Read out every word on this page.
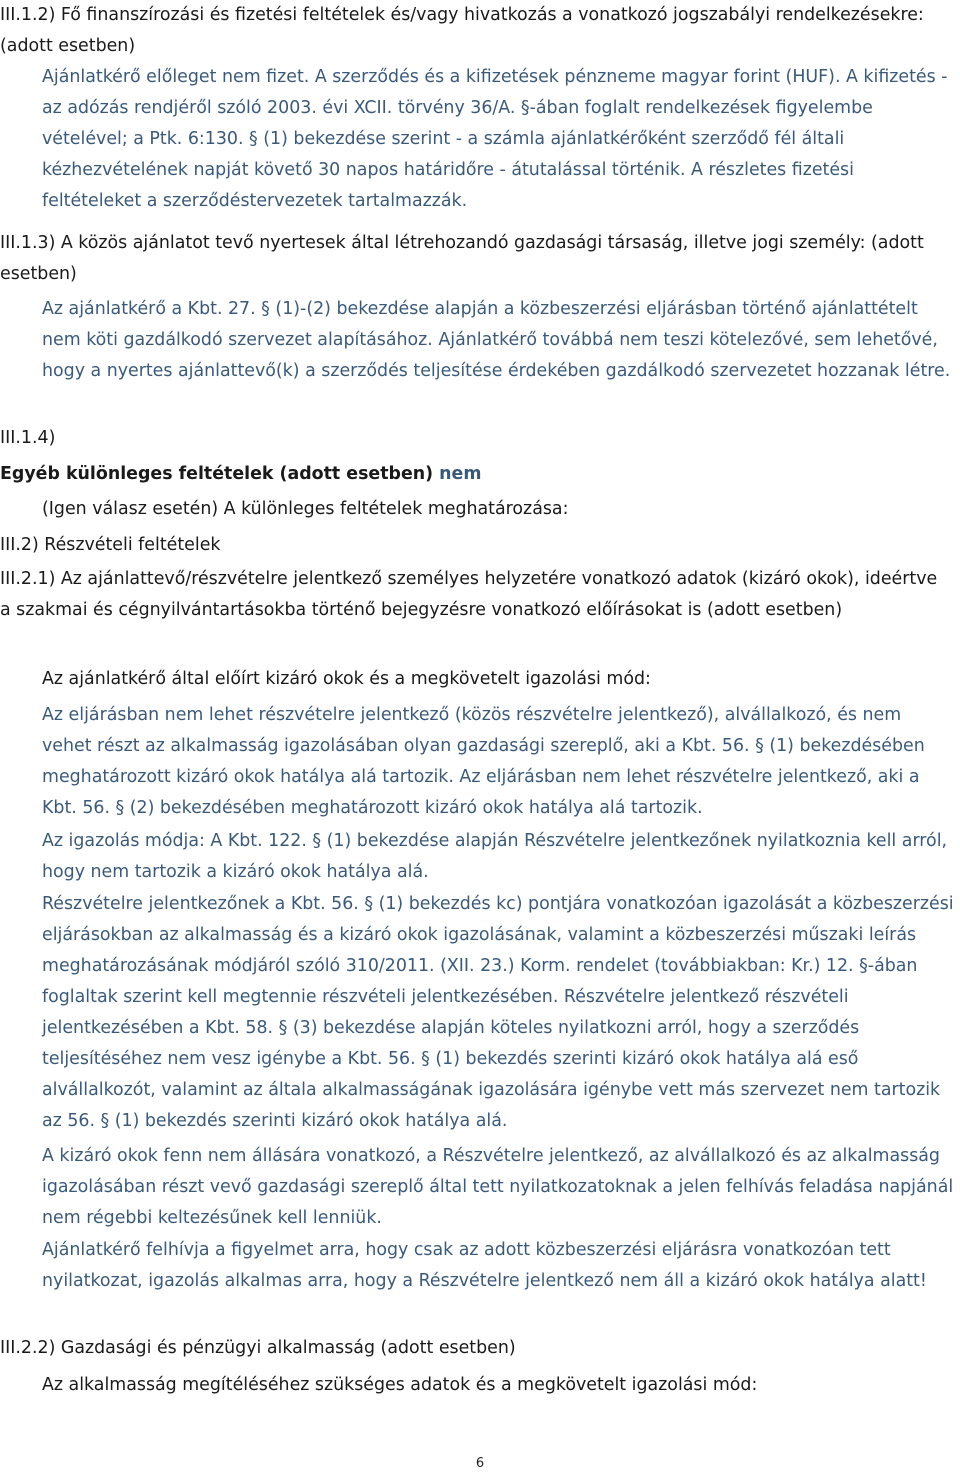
III.1.2) Fő finanszírozási és fizetési feltételek és/vagy hivatkozás a vonatkozó jogszabályi rendelkezésekre: (adott esetben)
Ajánlatkérő előleget nem fizet. A szerződés és a kifizetések pénzneme magyar forint (HUF). A kifizetés - az adózás rendjéről szóló 2003. évi XCII. törvény 36/A. §-ában foglalt rendelkezések figyelembe vételével; a Ptk. 6:130. § (1) bekezdése szerint - a számla ajánlatkérőként szerződő fél általi kézhezvételének napját követő 30 napos határidőre - átutalással történik. A részletes fizetési feltételeket a szerződéstervezetek tartalmazzák.
III.1.3) A közös ajánlatot tevő nyertesek által létrehozandó gazdasági társaság, illetve jogi személy: (adott esetben)
Az ajánlatkérő a Kbt. 27. § (1)-(2) bekezdése alapján a közbeszerzési eljárásban történő ajánlattételt nem köti gazdálkodó szervezet alapításához. Ajánlatkérő továbbá nem teszi kötelezővé, sem lehetővé, hogy a nyertes ajánlattevő(k) a szerződés teljesítése érdekében gazdálkodó szervezetet hozzanak létre.
III.1.4)
Egyéb különleges feltételek (adott esetben) nem
(Igen válasz esetén) A különleges feltételek meghatározása:
III.2) Részvételi feltételek
III.2.1) Az ajánlattevő/részvételre jelentkező személyes helyzetére vonatkozó adatok (kizáró okok), ideértve a szakmai és cégnyilvántartásokba történő bejegyzésre vonatkozó előírásokat is (adott esetben)
Az ajánlatkérő által előírt kizáró okok és a megkövetelt igazolási mód:
Az eljárásban nem lehet részvételre jelentkező (közös részvételre jelentkező), alvállalkozó, és nem vehet részt az alkalmasság igazolásában olyan gazdasági szereplő, aki a Kbt. 56. § (1) bekezdésében meghatározott kizáró okok hatálya alá tartozik. Az eljárásban nem lehet részvételre jelentkező, aki a Kbt. 56. § (2) bekezdésében meghatározott kizáró okok hatálya alá tartozik.
Az igazolás módja: A Kbt. 122. § (1) bekezdése alapján Részvételre jelentkezőnek nyilatkoznia kell arról, hogy nem tartozik a kizáró okok hatálya alá.
Részvételre jelentkezőnek a Kbt. 56. § (1) bekezdés kc) pontjára vonatkozóan igazolását a közbeszerzési eljárásokban az alkalmasság és a kizáró okok igazolásának, valamint a közbeszerzési műszaki leírás meghatározásának módjáról szóló 310/2011. (XII. 23.) Korm. rendelet (továbbiakban: Kr.) 12. §-ában foglaltak szerint kell megtennie részvételi jelentkezésében. Részvételre jelentkező részvételi jelentkezésében a Kbt. 58. § (3) bekezdése alapján köteles nyilatkozni arról, hogy a szerződés teljesítéséhez nem vesz igénybe a Kbt. 56. § (1) bekezdés szerinti kizáró okok hatálya alá eső alvállalkozót, valamint az általa alkalmasságának igazolására igénybe vett más szervezet nem tartozik az 56. § (1) bekezdés szerinti kizáró okok hatálya alá.
A kizáró okok fenn nem állására vonatkozó, a Részvételre jelentkező, az alvállalkozó és az alkalmasság igazolásában részt vevő gazdasági szereplő által tett nyilatkozatoknak a jelen felhívás feladása napjánál nem régebbi keltezésűnek kell lenniük.
Ajánlatkérő felhívja a figyelmet arra, hogy csak az adott közbeszerzési eljárásra vonatkozóan tett nyilatkozat, igazolás alkalmas arra, hogy a Részvételre jelentkező nem áll a kizáró okok hatálya alatt!
III.2.2) Gazdasági és pénzügyi alkalmasság (adott esetben)
Az alkalmasság megítéléséhez szükséges adatok és a megkövetelt igazolási mód:
6
